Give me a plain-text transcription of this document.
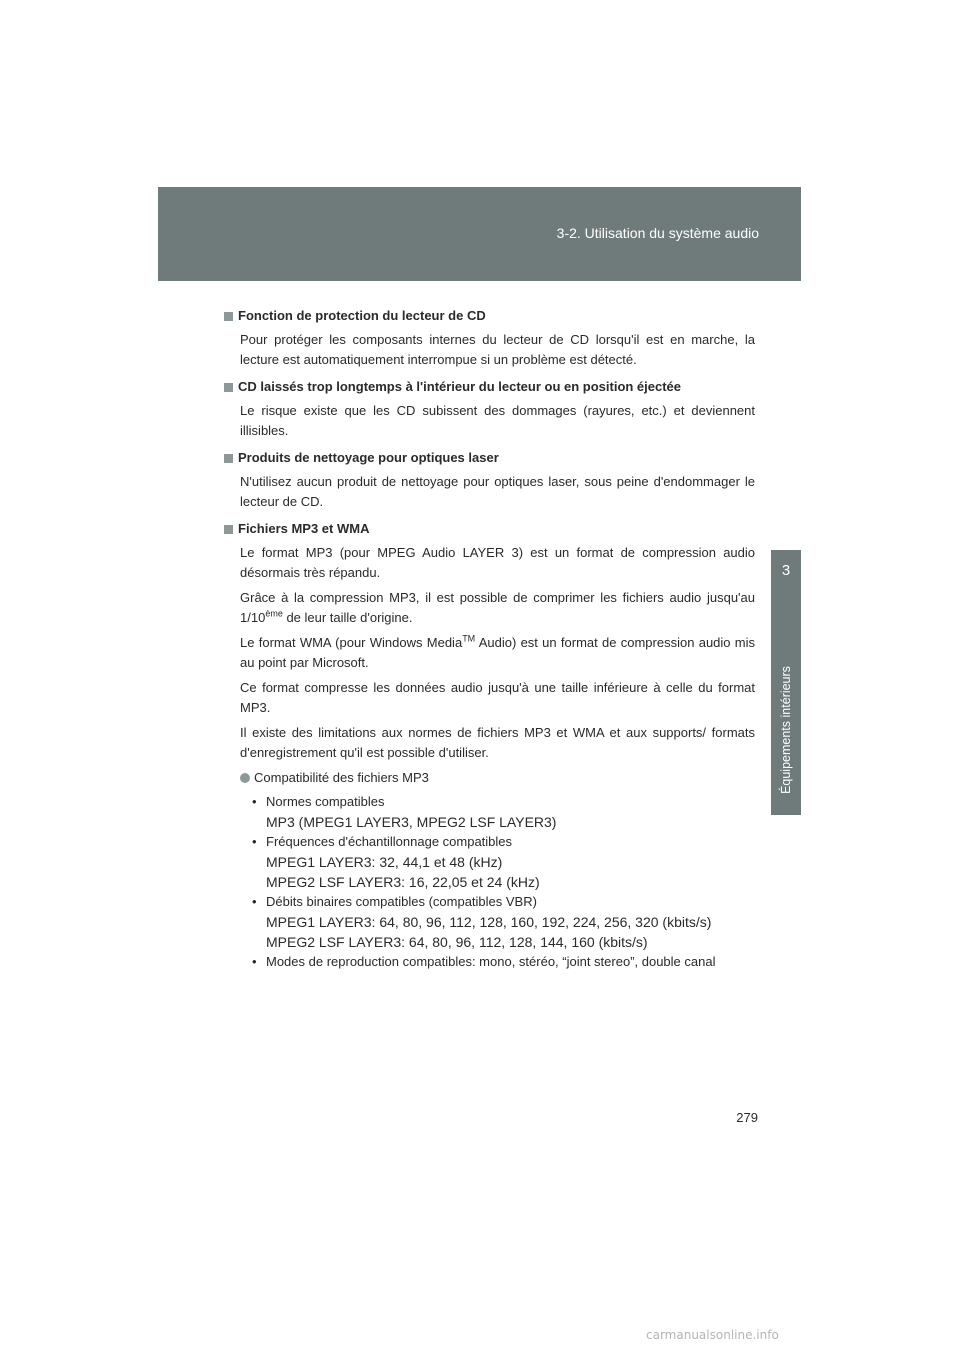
3-2. Utilisation du système audio
3
Équipements intérieurs
Fonction de protection du lecteur de CD

Pour protéger les composants internes du lecteur de CD lorsqu'il est en marche, la lecture est automatiquement interrompue si un problème est détecté.

CD laissés trop longtemps à l'intérieur du lecteur ou en position éjectée

Le risque existe que les CD subissent des dommages (rayures, etc.) et deviennent illisibles.

Produits de nettoyage pour optiques laser

N'utilisez aucun produit de nettoyage pour optiques laser, sous peine d'endommager le lecteur de CD.

Fichiers MP3 et WMA

Le format MP3 (pour MPEG Audio LAYER 3) est un format de compression audio désormais très répandu.

Grâce à la compression MP3, il est possible de comprimer les fichiers audio jusqu'au 1/10ème de leur taille d'origine.

Le format WMA (pour Windows Media™ Audio) est un format de compression audio mis au point par Microsoft.

Ce format compresse les données audio jusqu'à une taille inférieure à celle du format MP3.

Il existe des limitations aux normes de fichiers MP3 et WMA et aux supports/ formats d'enregistrement qu'il est possible d'utiliser.

Compatibilité des fichiers MP3
• Normes compatibles
MP3 (MPEG1 LAYER3, MPEG2 LSF LAYER3)
• Fréquences d'échantillonnage compatibles
MPEG1 LAYER3: 32, 44,1 et 48 (kHz)
MPEG2 LSF LAYER3: 16, 22,05 et 24 (kHz)
• Débits binaires compatibles (compatibles VBR)
MPEG1 LAYER3: 64, 80, 96, 112, 128, 160, 192, 224, 256, 320 (kbits/s)
MPEG2 LSF LAYER3: 64, 80, 96, 112, 128, 144, 160 (kbits/s)
• Modes de reproduction compatibles: mono, stéréo, “joint stereo”, double canal
279
carmanualsonline.info
